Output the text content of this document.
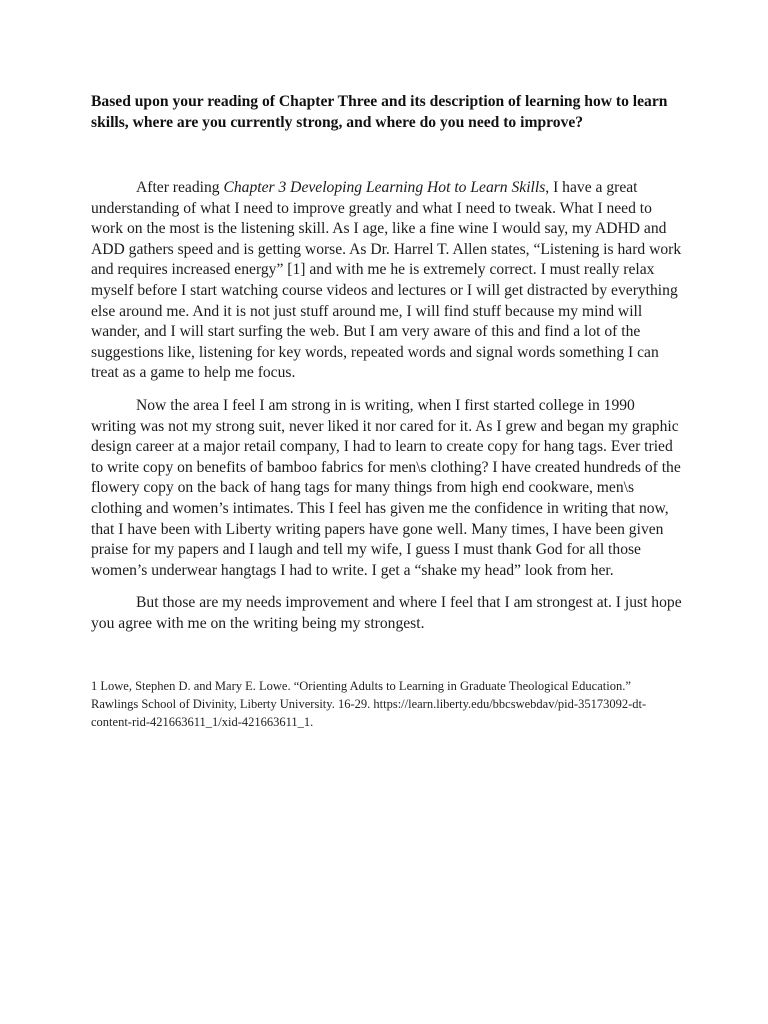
Based upon your reading of Chapter Three and its description of learning how to learn skills, where are you currently strong, and where do you need to improve?

After reading Chapter 3 Developing Learning Hot to Learn Skills, I have a great understanding of what I need to improve greatly and what I need to tweak. What I need to work on the most is the listening skill. As I age, like a fine wine I would say, my ADHD and ADD gathers speed and is getting worse. As Dr. Harrel T. Allen states, “Listening is hard work and requires increased energy” [1] and with me he is extremely correct. I must really relax myself before I start watching course videos and lectures or I will get distracted by everything else around me. And it is not just stuff around me, I will find stuff because my mind will wander, and I will start surfing the web. But I am very aware of this and find a lot of the suggestions like, listening for key words, repeated words and signal words something I can treat as a game to help me focus.

Now the area I feel I am strong in is writing, when I first started college in 1990 writing was not my strong suit, never liked it nor cared for it. As I grew and began my graphic design career at a major retail company, I had to learn to create copy for hang tags. Ever tried to write copy on benefits of bamboo fabrics for men\s clothing? I have created hundreds of the flowery copy on the back of hang tags for many things from high end cookware, men\s clothing and women’s intimates. This I feel has given me the confidence in writing that now, that I have been with Liberty writing papers have gone well. Many times, I have been given praise for my papers and I laugh and tell my wife, I guess I must thank God for all those women’s underwear hangtags I had to write. I get a “shake my head” look from her.

But those are my needs improvement and where I feel that I am strongest at. I just hope you agree with me on the writing being my strongest.

1 Lowe, Stephen D. and Mary E. Lowe. “Orienting Adults to Learning in Graduate Theological Education.” Rawlings School of Divinity, Liberty University. 16-29. https://learn.liberty.edu/bbcswebdav/pid-35173092-dt-content-rid-421663611_1/xid-421663611_1.
